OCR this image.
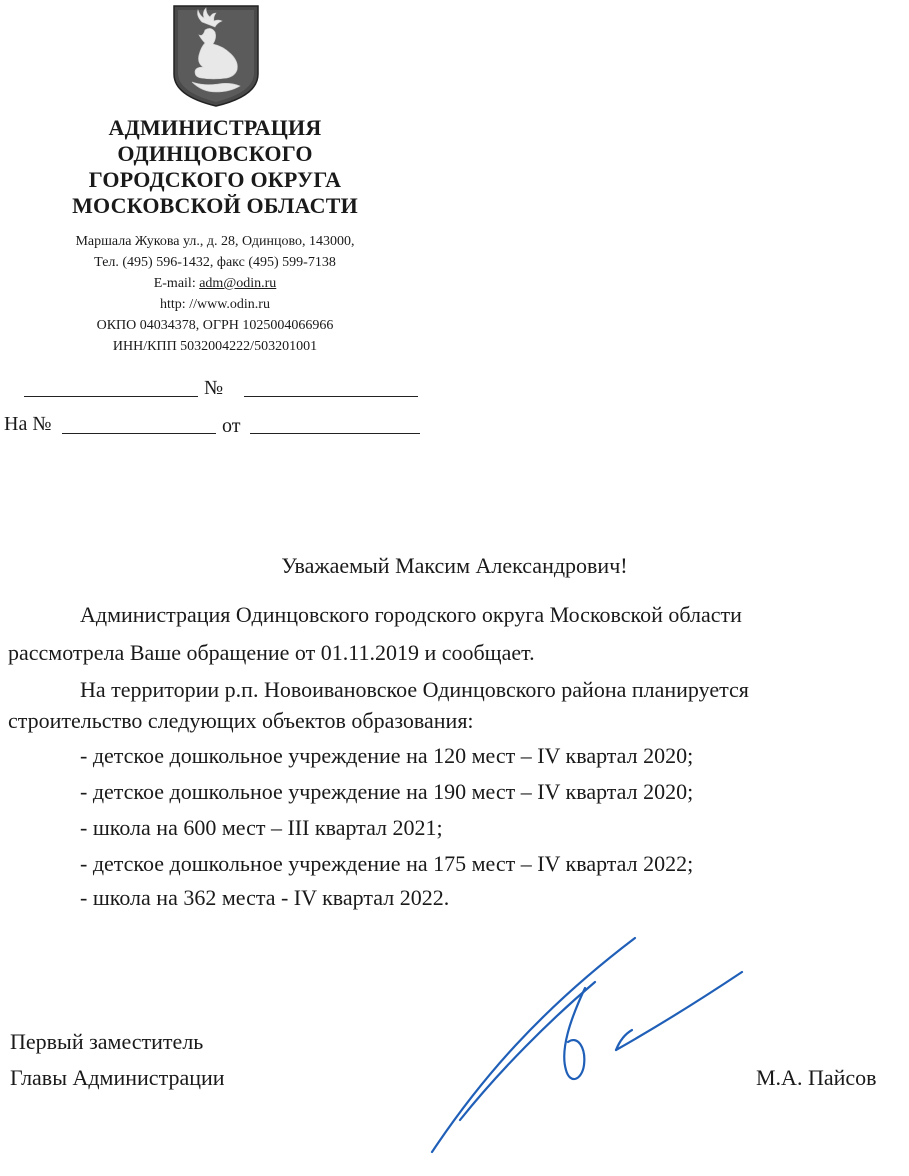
АДМИНИСТРАЦИЯ
ОДИНЦОВСКОГО
ГОРОДСКОГО ОКРУГА
МОСКОВСКОЙ ОБЛАСТИ
Маршала Жукова ул., д. 28, Одинцово, 143000,
Тел. (495) 596-1432, факс (495) 599-7138
E-mail: adm@odin.ru
http: //www.odin.ru
ОКПО 04034378, ОГРН 1025004066966
ИНН/КПП 5032004222/503201001
№
На №	от
Уважаемый Максим Александрович!
Администрация Одинцовского городского округа Московской области
рассмотрела Ваше обращение от 01.11.2019 и сообщает.
На территории р.п. Новоивановское Одинцовского района планируется
строительство следующих объектов образования:
- детское дошкольное учреждение на 120 мест – IV квартал 2020;
- детское дошкольное учреждение на 190 мест – IV квартал 2020;
- школа на 600 мест – III квартал 2021;
- детское дошкольное учреждение на 175 мест – IV квартал 2022;
- школа на 362 места - IV квартал 2022.
Первый заместитель
Главы Администрации	М.А. Пайсов
